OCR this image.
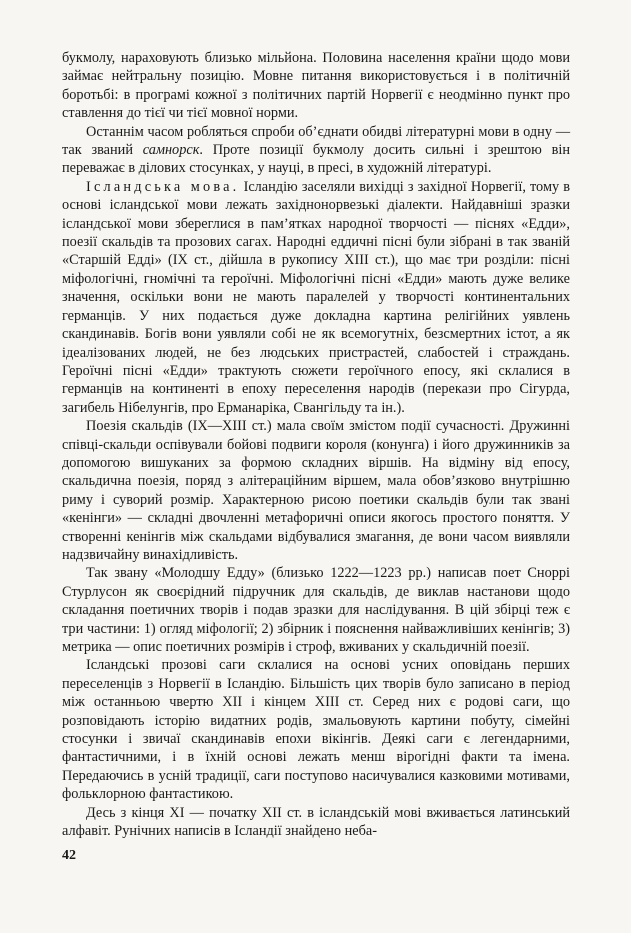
букмолу, нараховують близько мільйона. Половина населення країни щодо мови займає нейтральну позицію. Мовне питання використовується і в політичній боротьбі: в програмі кожної з політичних партій Норвегії є неодмінно пункт про ставлення до тієї чи тієї мовної норми.

Останнім часом робляться спроби об’єднати обидві літературні мови в одну — так званий самнорск. Проте позиції букмолу досить сильні і зрештою він переважає в ділових стосунках, у науці, в пресі, в художній літературі.

Ісландська мова. Ісландію заселяли вихідці з західної Норвегії, тому в основі ісландської мови лежать західнонорвезькі діалекти. Найдавніші зразки ісландської мови збереглися в пам’ятках народної творчості — піснях «Едди», поезії скальдів та прозових сагах. Народні еддичні пісні були зібрані в так званій «Старшій Едді» (IX ст., дійшла в рукопису XIII ст.), що має три розділи: пісні міфологічні, гномічні та героїчні. Міфологічні пісні «Едди» мають дуже велике значення, оскільки вони не мають паралелей у творчості континентальних германців. У них подається дуже докладна картина релігійних уявлень скандинавів. Богів вони уявляли собі не як всемогутніх, безсмертних істот, а як ідеалізованих людей, не без людських пристрастей, слабостей і страждань. Героїчні пісні «Едди» трактують сюжети героїчного епосу, які склалися в германців на континенті в епоху переселення народів (перекази про Сігурда, загибель Нібелунгів, про Ерманаріка, Свангільду та ін.).

Поезія скальдів (IX—XIII ст.) мала своїм змістом події сучасності. Дружинні співці-скальди оспівували бойові подвиги короля (конунга) і його дружинників за допомогою вишуканих за формою складних віршів. На відміну від епосу, скальдична поезія, поряд з алітераційним віршем, мала обов’язково внутрішню риму і суворий розмір. Характерною рисою поетики скальдів були так звані «кенінги» — складні двочленні метафоричні описи якогось простого поняття. У створенні кенінгів між скальдами відбувалися змагання, де вони часом виявляли надзвичайну винахідливість.

Так звану «Молодшу Едду» (близько 1222—1223 рр.) написав поет Сноррі Стурлусон як своєрідний підручник для скальдів, де виклав настанови щодо складання поетичних творів і подав зразки для наслідування. В цій збірці теж є три частини: 1) огляд міфології; 2) збірник і пояснення найважливіших кенінгів; 3) метрика — опис поетичних розмірів і строф, вживаних у скальдичній поезії.

Ісландські прозові саги склалися на основі усних оповідань перших переселенців з Норвегії в Ісландію. Більшість цих творів було записано в період між останньою чвертю XII і кінцем XIII ст. Серед них є родові саги, що розповідають історію видатних родів, змальовують картини побуту, сімейні стосунки і звичаї скандинавів епохи вікінгів. Деякі саги є легендарними, фантастичними, і в їхній основі лежать менш вірогідні факти та імена. Передаючись в усній традиції, саги поступово насичувалися казковими мотивами, фольклорною фантастикою.

Десь з кінця XI — початку XII ст. в ісландській мові вживається латинський алфавіт. Рунічних написів в Ісландії знайдено неба-

42
